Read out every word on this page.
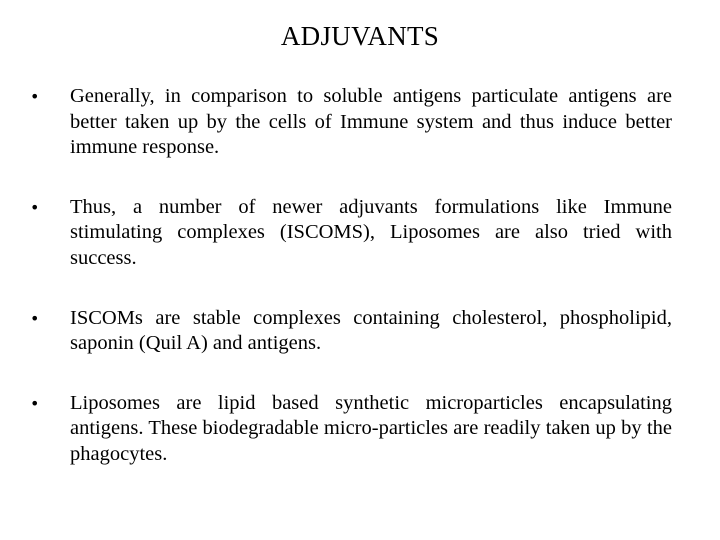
ADJUVANTS
•	Generally, in comparison to soluble antigens particulate antigens are better taken up by the cells of Immune system and thus induce better immune response.
•	Thus, a number of newer adjuvants formulations like Immune stimulating complexes (ISCOMS), Liposomes are also tried with success.
•	ISCOMs are stable complexes containing cholesterol, phospholipid, saponin (Quil A) and antigens.
•	Liposomes are lipid based synthetic microparticles encapsulating antigens. These biodegradable micro-particles are readily taken up by the phagocytes.
